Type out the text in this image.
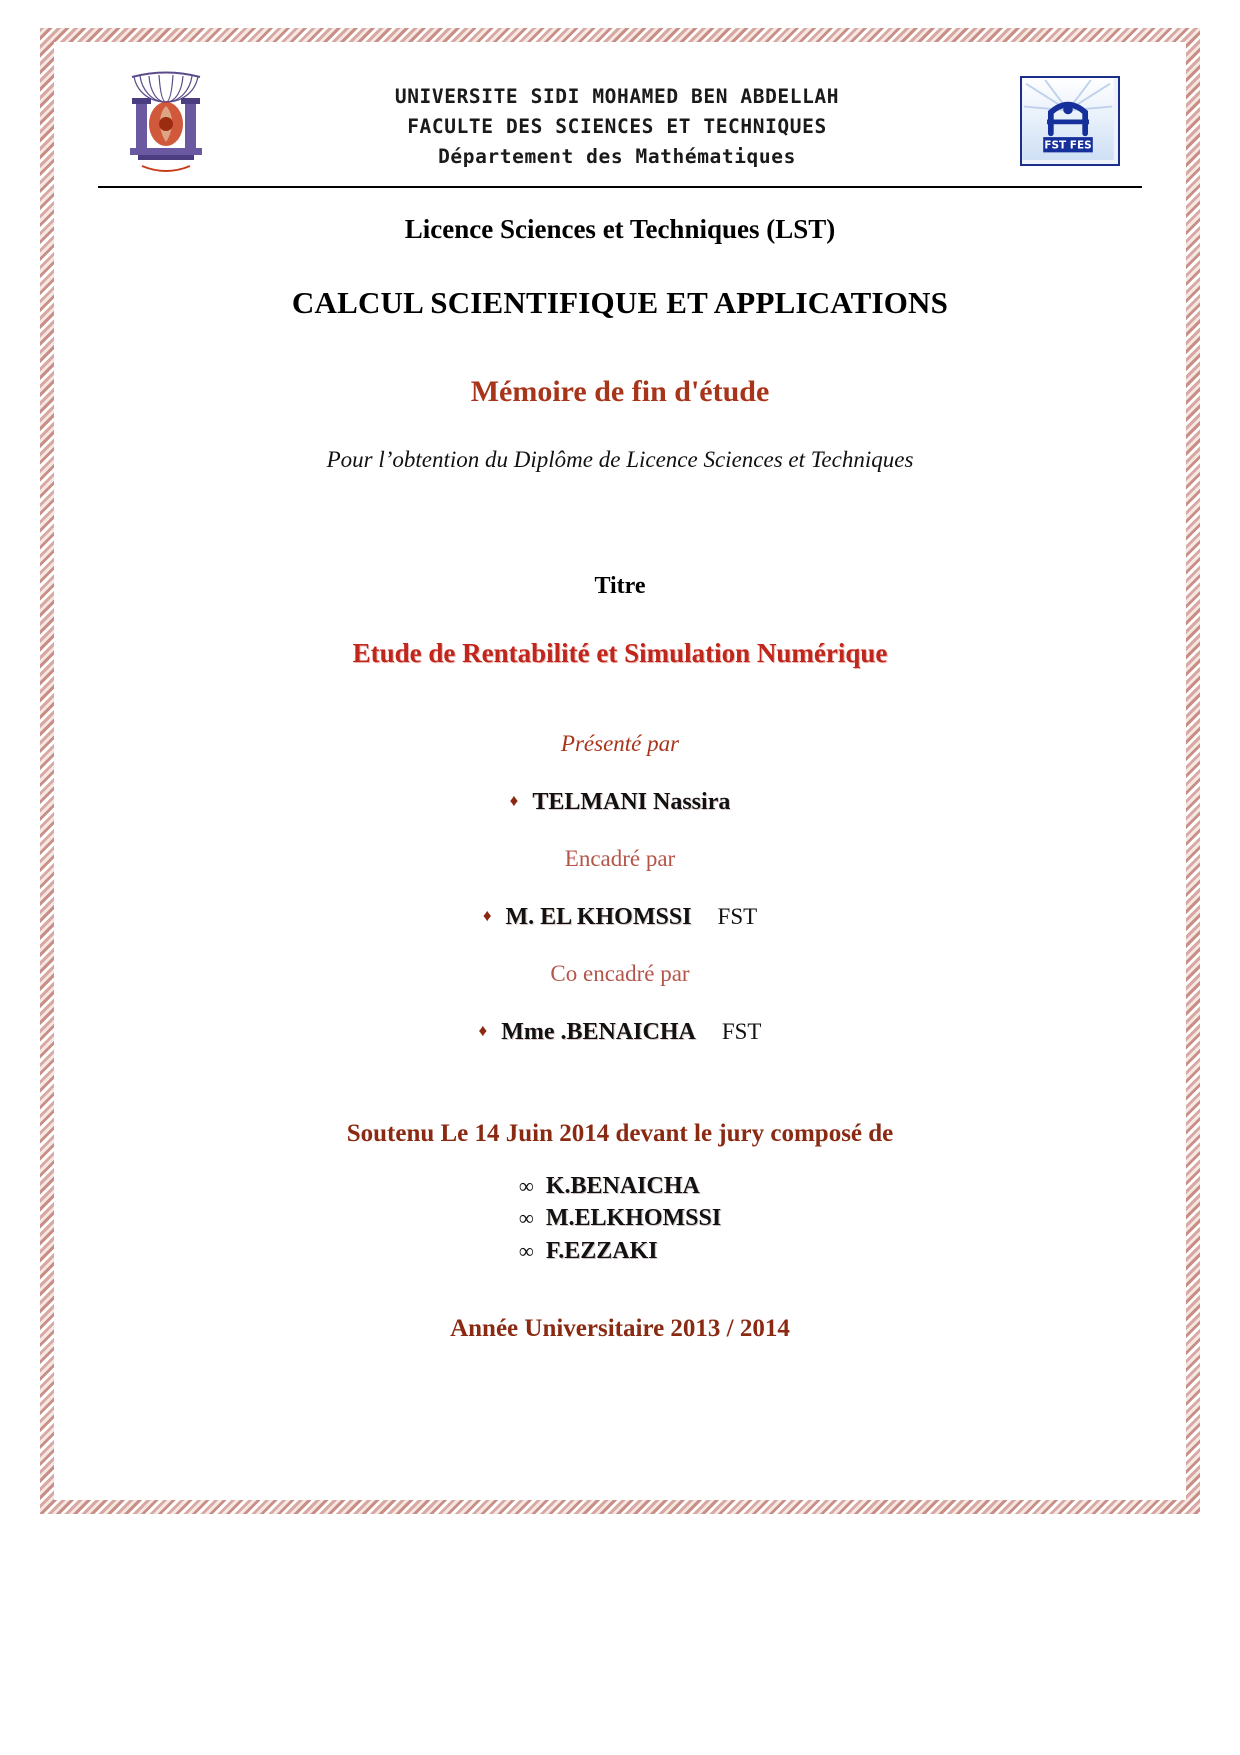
UNIVERSITE SIDI MOHAMED BEN ABDELLAH
FACULTE DES SCIENCES ET TECHNIQUES
Département des Mathématiques	FST FES
Licence Sciences et Techniques (LST)
CALCUL SCIENTIFIQUE ET APPLICATIONS
Mémoire de fin d'étude
Pour l’obtention du Diplôme de Licence Sciences et Techniques
Titre
Etude de Rentabilité et Simulation Numérique
Présenté par
♦ TELMANI Nassira
Encadré par
♦ M. EL KHOMSSI FST
Co encadré par
♦ Mme .BENAICHA FST
Soutenu Le 14 Juin 2014 devant le jury composé de
∞ K.BENAICHA
∞ M.ELKHOMSSI
∞ F.EZZAKI
Année Universitaire 2013 / 2014
